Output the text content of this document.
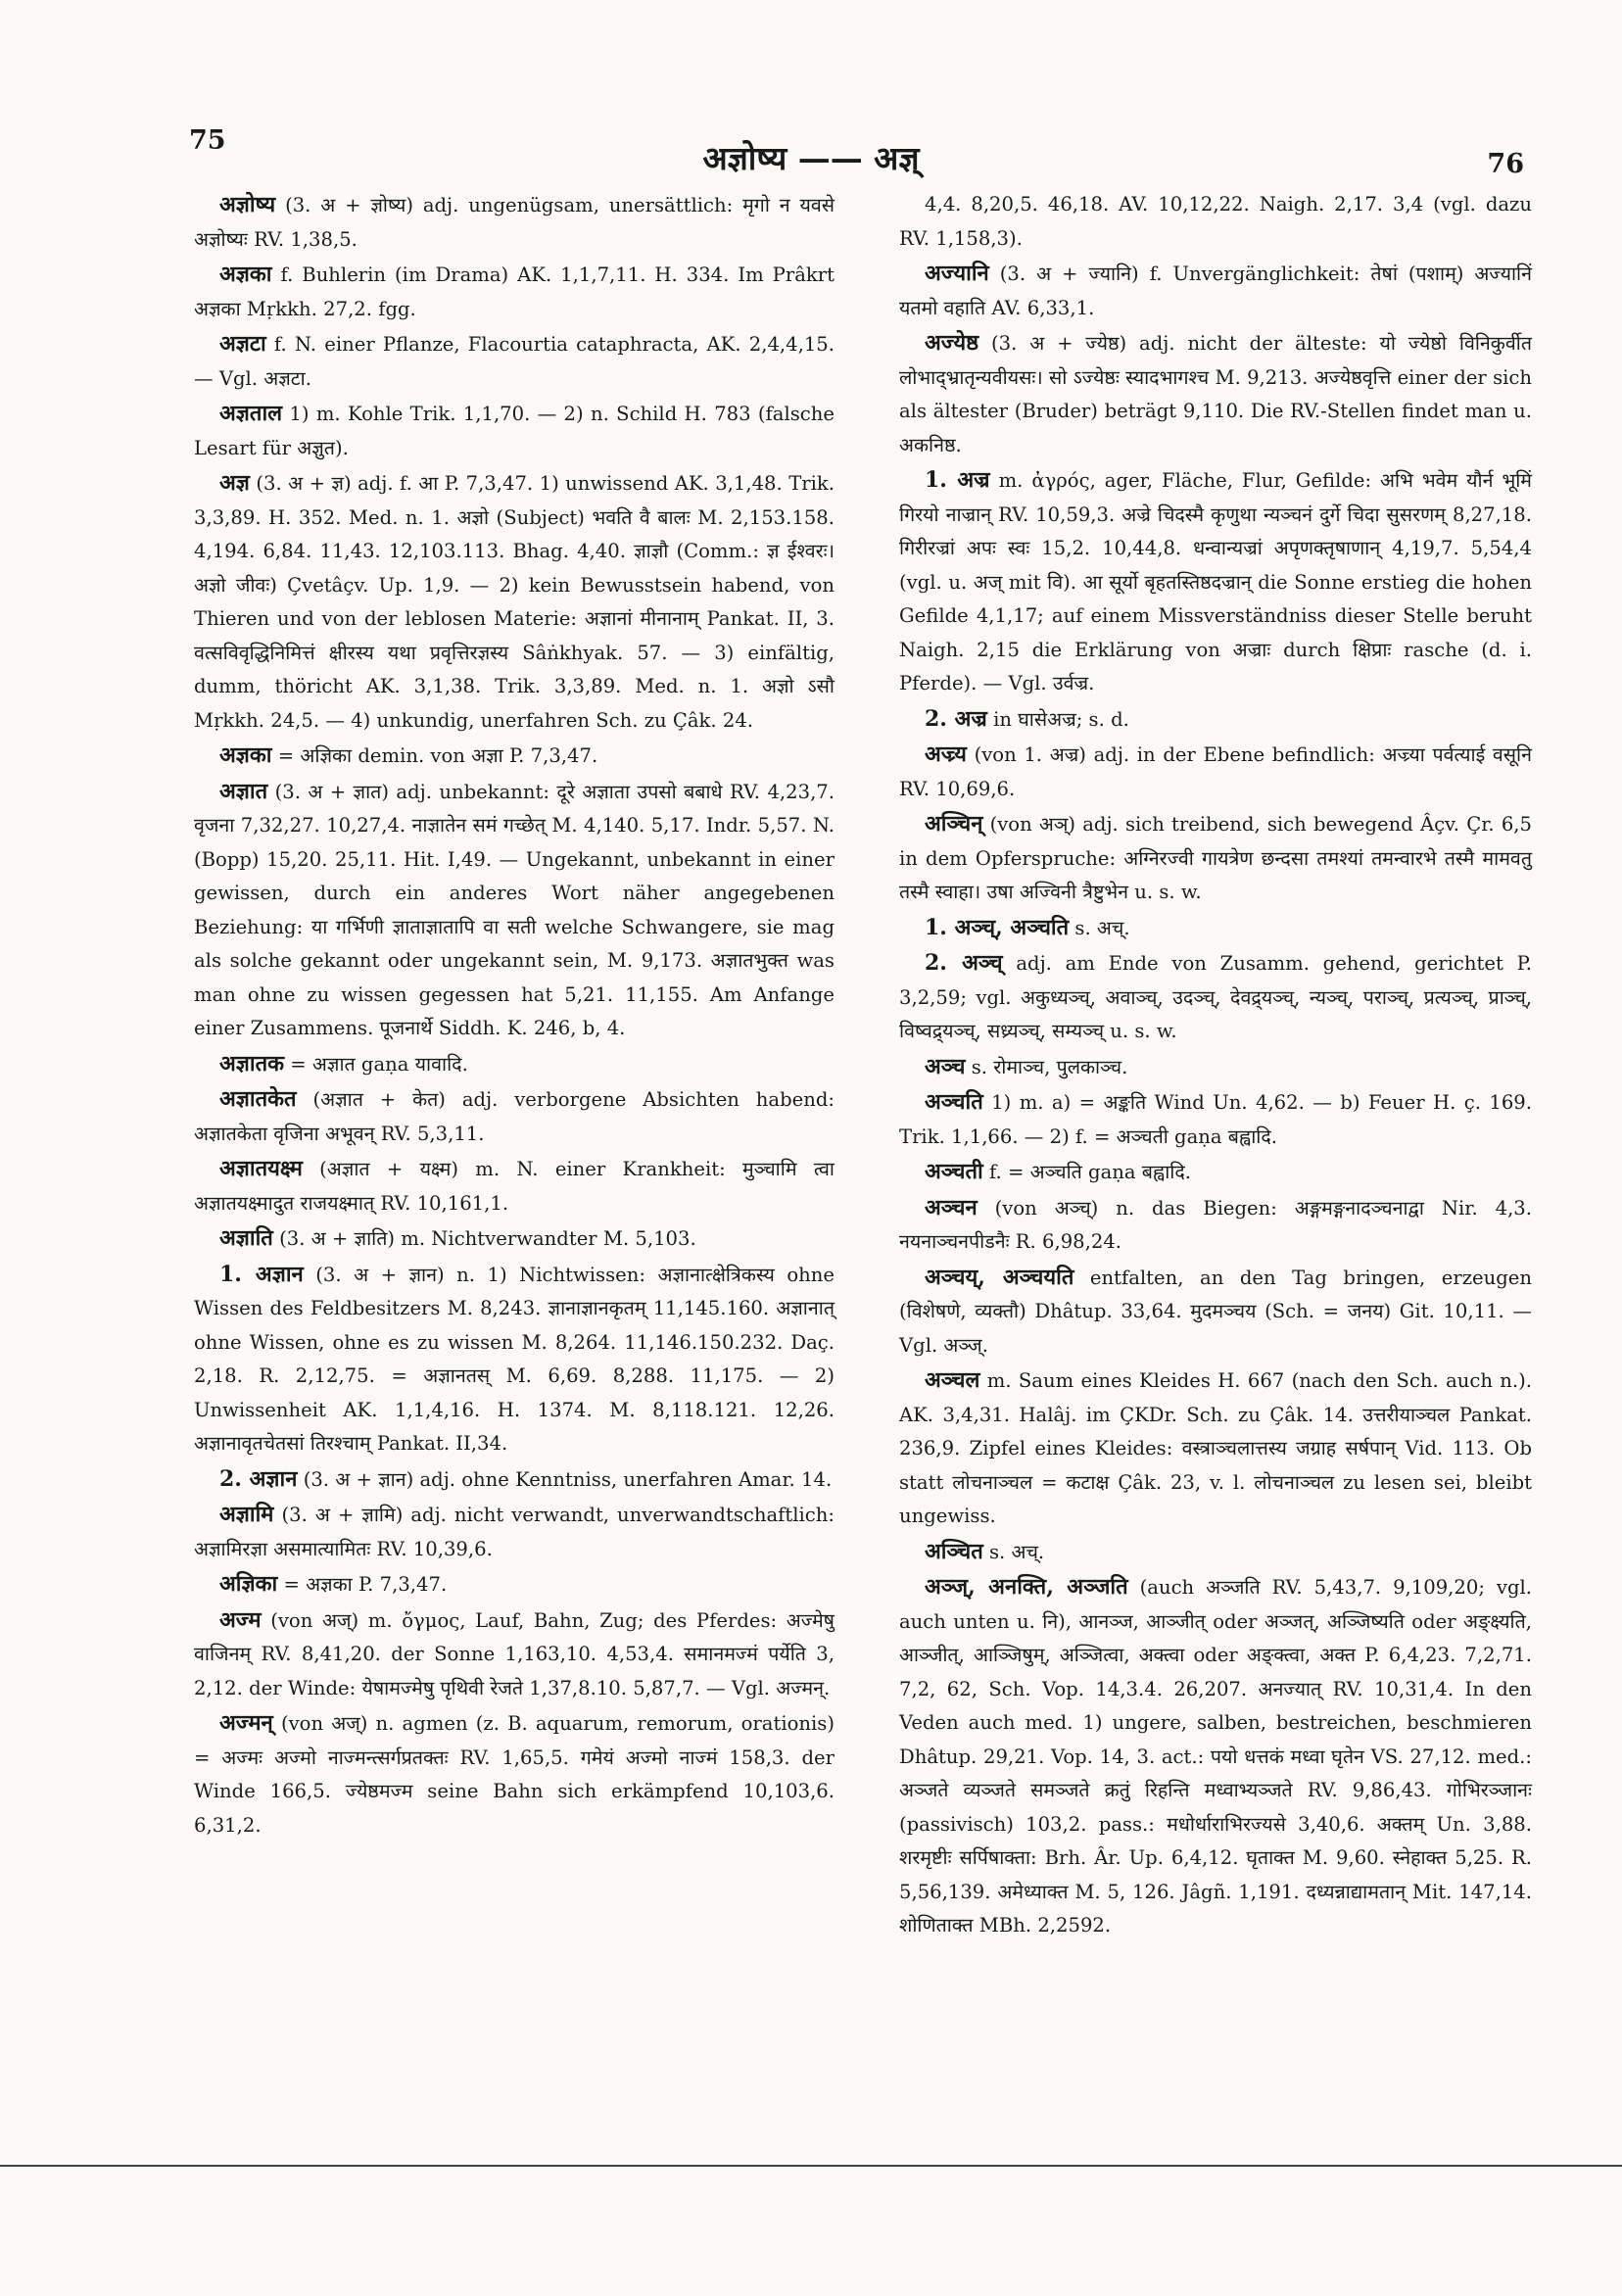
75	अज्ञोष्य —— अज्ञ्	76

अज्ञोष्य (3. अ + ज्ञोष्य) adj. ungenügsam, unersättlich: मृगो न यवसे अज्ञोष्यः RV. 1,38,5.

अज्ञका f. Buhlerin (im Drama) AK. 1,1,7,11. H. 334. Im Prâkrt अज्ञका Mṛkkh. 27,2. fgg.

अज्ञटा f. N. einer Pflanze, Flacourtia cataphracta, AK. 2,4,4,15. — Vgl. अज्ञटा.

अज्ञताल 1) m. Kohle Trik. 1,1,70. — 2) n. Schild H. 783 (falsche Lesart für अज्ञुत).

अज्ञ (3. अ + ज्ञ) adj. f. आ P. 7,3,47. 1) unwissend AK. 3,1,48. Trik. 3,3,89. H. 352. Med. n. 1. अज्ञो (Subject) भवति वै बालः M. 2,153.158. 4,194. 6,84. 11,43. 12,103.113. Bhag. 4,40. ज्ञाज्ञौ (Comm.: ज्ञ ईश्वरः। अज्ञो जीवः) Çvetâçv. Up. 1,9. — 2) kein Bewusstsein habend, von Thieren und von der leblosen Materie: अज्ञानां मीनानाम् Pankat. II, 3. वत्सविवृद्धिनिमित्तं क्षीरस्य यथा प्रवृत्तिरज्ञस्य Sâṅkhyak. 57. — 3) einfältig, dumm, thöricht AK. 3,1,38. Trik. 3,3,89. Med. n. 1. अज्ञो ऽसौ Mṛkkh. 24,5. — 4) unkundig, unerfahren Sch. zu Çâk. 24.

अज्ञका = अज्ञिका demin. von अज्ञा P. 7,3,47.

अज्ञात (3. अ + ज्ञात) adj. unbekannt: दूरे अज्ञाता उपसो बबाधे RV. 4,23,7. वृजना 7,32,27. 10,27,4. नाज्ञातेन समं गच्छेत् M. 4,140. 5,17. Indr. 5,57. N. (Bopp) 15,20. 25,11. Hit. I,49. — Ungekannt, unbekannt in einer gewissen, durch ein anderes Wort näher angegebenen Beziehung: या गर्भिणी ज्ञाताज्ञातापि वा सती welche Schwangere, sie mag als solche gekannt oder ungekannt sein, M. 9,173. अज्ञातभुक्त was man ohne zu wissen gegessen hat 5,21. 11,155. Am Anfange einer Zusammens. पूजनार्थे Siddh. K. 246, b, 4.

अज्ञातक = अज्ञात gaṇa यावादि.

अज्ञातकेत (अज्ञात + केत) adj. verborgene Absichten habend: अज्ञातकेता वृजिना अभूवन् RV. 5,3,11.

अज्ञातयक्ष्म (अज्ञात + यक्ष्म) m. N. einer Krankheit: मुञ्चामि त्वा अज्ञातयक्ष्मादुत राजयक्ष्मात् RV. 10,161,1.

अज्ञाति (3. अ + ज्ञाति) m. Nichtverwandter M. 5,103.

1. अज्ञान (3. अ + ज्ञान) n. 1) Nichtwissen: अज्ञानात्क्षेत्रिकस्य ohne Wissen des Feldbesitzers M. 8,243. ज्ञानाज्ञानकृतम् 11,145.160. अज्ञानात् ohne Wissen, ohne es zu wissen M. 8,264. 11,146.150.232. Daç. 2,18. R. 2,12,75. = अज्ञानतस् M. 6,69. 8,288. 11,175. — 2) Unwissenheit AK. 1,1,4,16. H. 1374. M. 8,118.121. 12,26. अज्ञानावृतचेतसां तिरश्चाम् Pankat. II,34.

2. अज्ञान (3. अ + ज्ञान) adj. ohne Kenntniss, unerfahren Amar. 14.

अज्ञामि (3. अ + ज्ञामि) adj. nicht verwandt, unverwandtschaftlich: अज्ञामिरज्ञा असमात्यामितः RV. 10,39,6.

अज्ञिका = अज्ञका P. 7,3,47.

अज्म (von अज्) m. ὄγμος, Lauf, Bahn, Zug; des Pferdes: अज्मेषु वाजिनम् RV. 8,41,20. der Sonne 1,163,10. 4,53,4. समानमज्मं पर्येति 3, 2,12. der Winde: येषामज्मेषु पृथिवी रेजते 1,37,8.10. 5,87,7. — Vgl. अज्मन्.

अज्मन् (von अज्) n. agmen (z. B. aquarum, remorum, orationis) = अज्मः अज्मो नाज्मन्त्सर्गप्रतक्तः RV. 1,65,5. गमेयं अज्मो नाज्मं 158,3. der Winde 166,5. ज्येष्ठमज्म seine Bahn sich erkämpfend 10,103,6. 6,31,2.

4,4. 8,20,5. 46,18. AV. 10,12,22. Naigh. 2,17. 3,4 (vgl. dazu RV. 1,158,3).

अज्यानि (3. अ + ज्यानि) f. Unvergänglichkeit: तेषां (पशाम्) अज्यानिं यतमो वहाति AV. 6,33,1.

अज्येष्ठ (3. अ + ज्येष्ठ) adj. nicht der älteste: यो ज्येष्ठो विनिकुर्वीत लोभाद्भ्रातृन्यवीयसः। सो ऽज्येष्ठः स्यादभागश्च M. 9,213. अज्येष्ठवृत्ति einer der sich als ältester (Bruder) beträgt 9,110. Die RV.-Stellen findet man u. अकनिष्ठ.

1. अज्र m. ἀγρός, ager, Fläche, Flur, Gefilde: अभि भवेम यौर्न भूमिं गिरयो नाज्रान् RV. 10,59,3. अज्रे चिदस्मै कृणुथा न्यञ्चनं दुर्गे चिदा सुसरणम् 8,27,18. गिरीरज्रां अपः स्वः 15,2. 10,44,8. धन्वान्यज्रां अपृणक्तृषाणान् 4,19,7. 5,54,4 (vgl. u. अज् mit वि). आ सूर्यो बृहतस्तिष्ठदज्रान् die Sonne erstieg die hohen Gefilde 4,1,17; auf einem Missverständniss dieser Stelle beruht Naigh. 2,15 die Erklärung von अज्राः durch क्षिप्राः rasche (d. i. Pferde). — Vgl. उर्वज्र.

2. अज्र in घासेअज्र; s. d.

अज्र्य (von 1. अज्र) adj. in der Ebene befindlich: अज्र्या पर्वत्याई वसूनि RV. 10,69,6.

अञ्चिन् (von अञ्) adj. sich treibend, sich bewegend Âçv. Çr. 6,5 in dem Opferspruche: अग्निरज्वी गायत्रेण छन्दसा तमश्यां तमन्वारभे तस्मै मामवतु तस्मै स्वाहा। उषा अज्विनी त्रैष्टुभेन u. s. w.

1. अञ्च्, अञ्चति s. अच्.

2. अञ्च् adj. am Ende von Zusamm. gehend, gerichtet P. 3,2,59; vgl. अकुध्यञ्च्, अवाञ्च्, उदञ्च्, देवद्र्यञ्च्, न्यञ्च्, पराञ्च्, प्रत्यञ्च्, प्राञ्च्, विष्वद्र्यञ्च्, सध्र्यञ्च्, सम्यञ्च् u. s. w.

अञ्च s. रोमाञ्च, पुलकाञ्च.

अञ्चति 1) m. a) = अङ्कति Wind Un. 4,62. — b) Feuer H. ç. 169. Trik. 1,1,66. — 2) f. = अञ्चती gaṇa बह्वादि.

अञ्चती f. = अञ्चति gaṇa बह्वादि.

अञ्चन (von अञ्च्) n. das Biegen: अङ्गमङ्गनादञ्चनाद्वा Nir. 4,3. नयनाञ्चनपीडनैः R. 6,98,24.

अञ्चय्, अञ्चयति entfalten, an den Tag bringen, erzeugen (विशेषणे, व्यक्तौ) Dhâtup. 33,64. मुदमञ्चय (Sch. = जनय) Git. 10,11. — Vgl. अञ्ज्.

अञ्चल m. Saum eines Kleides H. 667 (nach den Sch. auch n.). AK. 3,4,31. Halâj. im ÇKDr. Sch. zu Çâk. 14. उत्तरीयाञ्चल Pankat. 236,9. Zipfel eines Kleides: वस्त्राञ्चलात्तस्य जग्राह सर्षपान् Vid. 113. Ob statt लोचनाञ्चल = कटाक्ष Çâk. 23, v. l. लोचनाञ्चल zu lesen sei, bleibt ungewiss.

अञ्चित s. अच्.

अञ्ज्, अनक्ति, अञ्जति (auch अञ्जति RV. 5,43,7. 9,109,20; vgl. auch unten u. नि), आनञ्ज, आञ्जीत् oder अञ्जत्, अञ्जिष्यति oder अङ्क्ष्यति, आञ्जीत्, आञ्जिषुम्, अञ्जित्वा, अक्त्वा oder अङ्क्त्वा, अक्त P. 6,4,23. 7,2,71. 7,2, 62, Sch. Vop. 14,3.4. 26,207. अनज्यात् RV. 10,31,4. In den Veden auch med. 1) ungere, salben, bestreichen, beschmieren Dhâtup. 29,21. Vop. 14, 3. act.: पयो धत्तकं मध्वा घृतेन VS. 27,12. med.: अञ्जते व्यञ्जते समञ्जते क्रतुं रिहन्ति मध्वाभ्यञ्जते RV. 9,86,43. गोभिरञ्जानः (passivisch) 103,2. pass.: मधोर्धाराभिरज्यसे 3,40,6. अक्तम् Un. 3,88. शरमृष्टीः सर्पिषाक्ता: Brh. Âr. Up. 6,4,12. घृताक्त M. 9,60. स्नेहाक्त 5,25. R. 5,56,139. अमेध्याक्त M. 5, 126. Jâgñ. 1,191. दध्यन्नाद्यामतान् Mit. 147,14. शोणिताक्त MBh. 2,2592.
